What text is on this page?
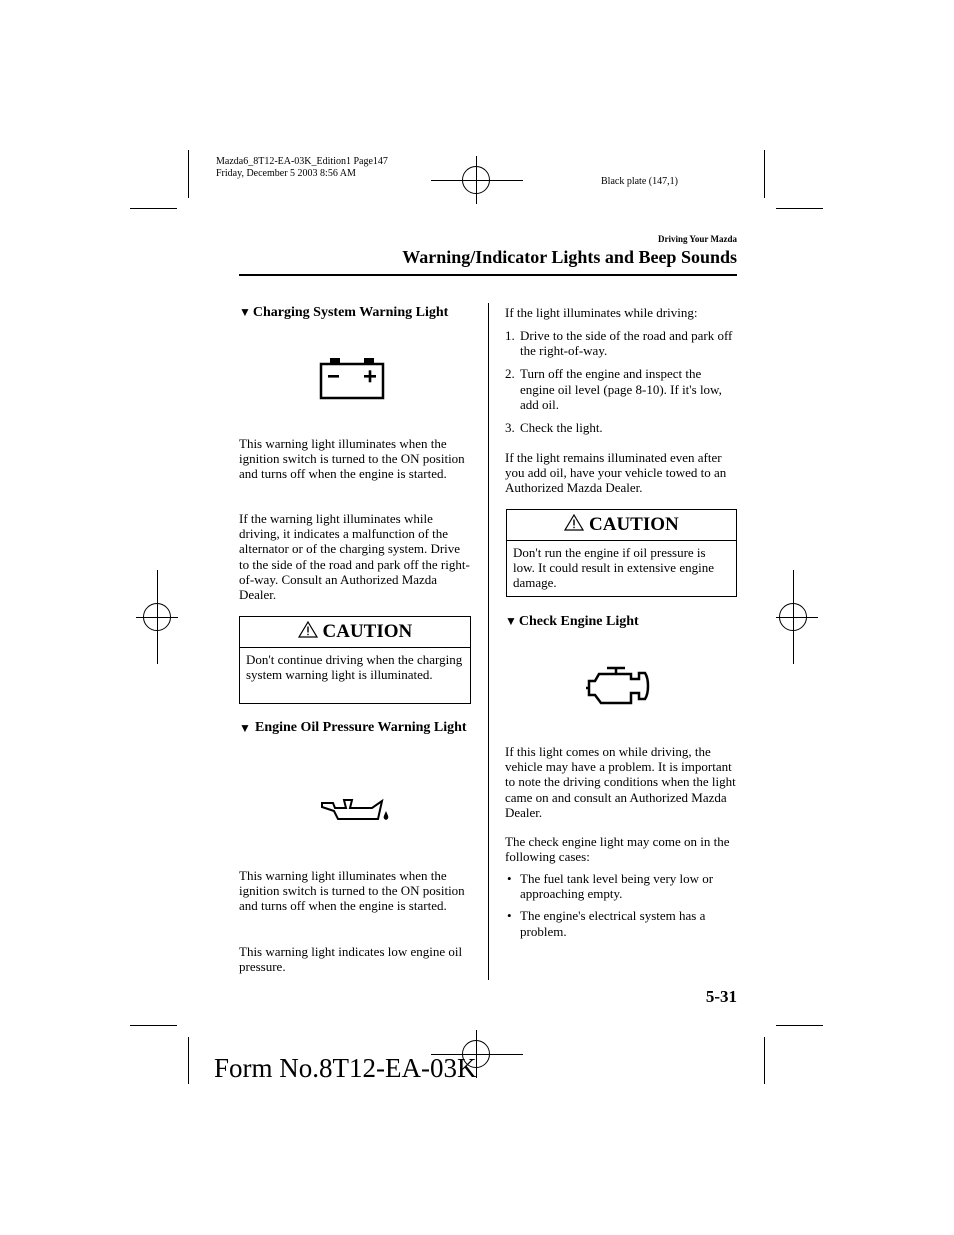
Mazda6_8T12-EA-03K_Edition1 Page147
Friday, December 5 2003 8:56 AM
Black plate (147,1)
Driving Your Mazda
Warning/Indicator Lights and Beep Sounds
▼ Charging System Warning Light
This warning light illuminates when the ignition switch is turned to the ON position and turns off when the engine is started.
If the warning light illuminates while driving, it indicates a malfunction of the alternator or of the charging system. Drive to the side of the road and park off the right-of-way. Consult an Authorized Mazda Dealer.
CAUTION
Don't continue driving when the charging system warning light is illuminated.
▼ Engine Oil Pressure Warning Light
This warning light illuminates when the ignition switch is turned to the ON position and turns off when the engine is started.
This warning light indicates low engine oil pressure.
If the light illuminates while driving:
1. Drive to the side of the road and park off the right-of-way.
2. Turn off the engine and inspect the engine oil level (page 8-10). If it's low, add oil.
3. Check the light.
If the light remains illuminated even after you add oil, have your vehicle towed to an Authorized Mazda Dealer.
CAUTION
Don't run the engine if oil pressure is low. It could result in extensive engine damage.
▼ Check Engine Light
If this light comes on while driving, the vehicle may have a problem. It is important to note the driving conditions when the light came on and consult an Authorized Mazda Dealer.
The check engine light may come on in the following cases:
• The fuel tank level being very low or approaching empty.
• The engine's electrical system has a problem.
5-31
Form No.8T12-EA-03K
